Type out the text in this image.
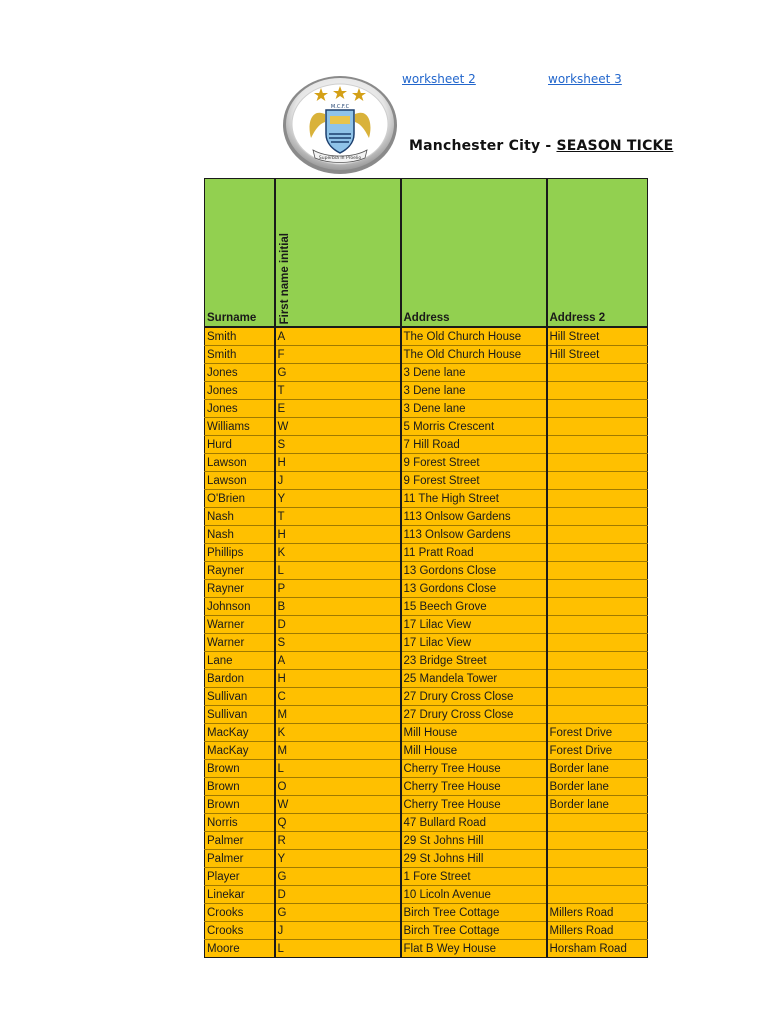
worksheet 2	worksheet 3
Superbia In Proelio
M.C.F.C
Manchester City - SEASON TICKE
Surname	First name initial	Address	Address 2
Smith	A	The Old Church House	Hill Street
Smith	F	The Old Church House	Hill Street
Jones	G	3 Dene lane	
Jones	T	3 Dene lane	
Jones	E	3 Dene lane	
Williams	W	5 Morris Crescent	
Hurd	S	7 Hill Road	
Lawson	H	9 Forest Street	
Lawson	J	9 Forest Street	
O'Brien	Y	11 The High Street	
Nash	T	113 Onlsow Gardens	
Nash	H	113 Onlsow Gardens	
Phillips	K	11 Pratt Road	
Rayner	L	13 Gordons Close	
Rayner	P	13 Gordons Close	
Johnson	B	15 Beech Grove	
Warner	D	17 Lilac View	
Warner	S	17 Lilac View	
Lane	A	23 Bridge Street	
Bardon	H	25 Mandela Tower	
Sullivan	C	27 Drury Cross Close	
Sullivan	M	27 Drury Cross Close	
MacKay	K	Mill House	Forest Drive
MacKay	M	Mill House	Forest Drive
Brown	L	Cherry Tree House	Border lane
Brown	O	Cherry Tree House	Border lane
Brown	W	Cherry Tree House	Border lane
Norris	Q	47 Bullard Road	
Palmer	R	29 St Johns Hill	
Palmer	Y	29 St Johns Hill	
Player	G	1 Fore Street	
Linekar	D	10 Licoln Avenue	
Crooks	G	Birch Tree Cottage	Millers Road
Crooks	J	Birch Tree Cottage	Millers Road
Moore	L	Flat B Wey House	Horsham Road
